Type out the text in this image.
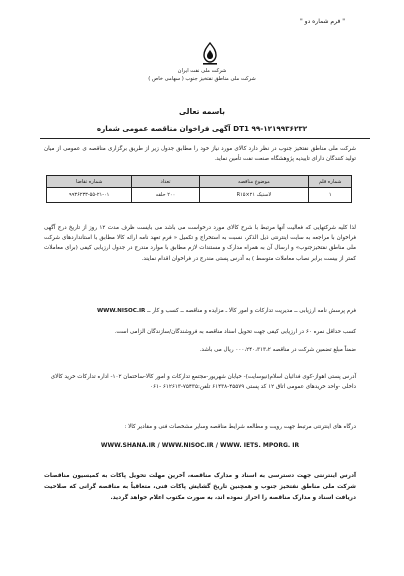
" فرم شماره دو "
شرکت ملی نفت ایران
شرکت ملی مناطق نفتخیز جنوب ( سهامی خاص )
باسمه تعالی
آگهی فراخوان مناقصه عمومی شماره DT1 ۹۹-۱۲۱۹۹۳۶۲۳۲
شرکت ملی مناطق نفتخیز جنوب در نظر دارد کالای مورد نیاز خود را مطابق جدول زیر از طریق برگزاری مناقصه ی عمومی از میان تولید کنندگان دارای تاییدیه پژوهشگاه صنعت نفت تأمین نماید.
شماره قلم	موضوع مناقصه	تعداد	شماره تقاضا
۱	لاستیک R۱۵×۲۱	۲۰۰ حلقه	۹۹۳۶۲۳۳-۵۵-۲۱-۰۱
لذا کلیه شرکتهایی که فعالیت آنها مرتبط با شرح کالای مورد درخواست می باشد می بایست ظرف مدت ۱۲ روز از تاریخ درج آگهی فراخوان با مراجعه به سایت اینترنتی ذیل الذکر، نسبت به استخراج و تکمیل « فرم تعهد نامه ارائه کالا مطابق با استانداردهای شرکت ملی مناطق نفتخیزجنوب» و ارسال آن به همراه مدارک و مستندات لازم مطابق با موارد مندرج در جدول ارزیابی کیفی (برای معاملات کمتر از بیست برابر نصاب معاملات متوسط ) به آدرس پستی مندرج در فراخوان اقدام نمایند.
فرم پرسش نامه ارزیابی ــ مدیریت تدارکات و امور کالا ـ مزایده و مناقصه ــ کسب و کار ــ WWW.NISOC.IR
کسب حداقل نمره ۶۰ در ارزیابی کیفی جهت تحویل اسناد مناقصه به فروشندگان/سازندگان الزامی است.
ضمناً مبلغ تضمین شرکت در مناقصه ۰۰۰،۲۴۰،۳۱۳،۲ ریال می باشد.
آدرس پستی اهواز-کوی فدائیان اسلام(نیوسایت)- خیابان شهریور-مجتمع تدارکات و امور کالا-ساختمان ۱۰۲- اداره تدارکات خرید کالای داخلی -واحد خریدهای عمومی اتاق ۱۲ کد پستی ۴۵۵۷۹-۶۱۴۳۸ تلفن:۷۵۴۳۵-۶۱۲۶۱۳ -۰۶۱
درگاه های اینترنتی مرتبط جهت رویت و مطالعه شرایط مناقصه وسایر مشخصات فنی و مقادیر کالا :
WWW.SHANA.IR / WWW.NISOC.IR / WWW. IETS. MPORG. IR
آدرس اینترنتی جهت دسترسی به اسناد و مدارک مناقصه، آخرین مهلت تحویل پاکات به کمیسیون مناقصات شرکت ملی مناطق نفتخیز جنوب و همچنین تاریخ گشایش پاکات فنی، متعاقباً به مناقصه گرانی که صلاحیت دریافت اسناد و مدارک مناقصه را احراز نموده اند، به صورت مکتوب اعلام خواهد گردید.
